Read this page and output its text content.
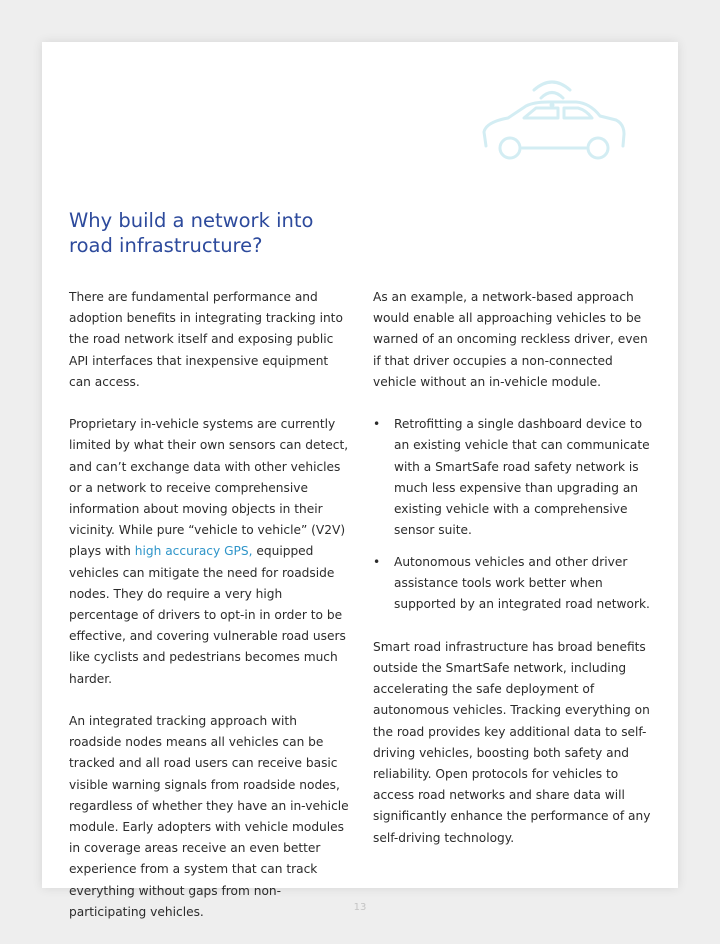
Why build a network into road infrastructure?

There are fundamental performance and adoption benefits in integrating tracking into the road network itself and exposing public API interfaces that inexpensive equipment can access.

Proprietary in-vehicle systems are currently limited by what their own sensors can detect, and can’t exchange data with other vehicles or a network to receive comprehensive information about moving objects in their vicinity. While pure “vehicle to vehicle” (V2V) plays with high accuracy GPS, equipped vehicles can mitigate the need for roadside nodes. They do require a very high percentage of drivers to opt-in in order to be effective, and covering vulnerable road users like cyclists and pedestrians becomes much harder.

An integrated tracking approach with roadside nodes means all vehicles can be tracked and all road users can receive basic visible warning signals from roadside nodes, regardless of whether they have an in-vehicle module. Early adopters with vehicle modules in coverage areas receive an even better experience from a system that can track everything without gaps from non-participating vehicles.

As an example, a network-based approach would enable all approaching vehicles to be warned of an oncoming reckless driver, even if that driver occupies a non-connected vehicle without an in-vehicle module.

• Retrofitting a single dashboard device to an existing vehicle that can communicate with a SmartSafe road safety network is much less expensive than upgrading an existing vehicle with a comprehensive sensor suite.
• Autonomous vehicles and other driver assistance tools work better when supported by an integrated road network.

Smart road infrastructure has broad benefits outside the SmartSafe network, including accelerating the safe deployment of autonomous vehicles. Tracking everything on the road provides key additional data to self-driving vehicles, boosting both safety and reliability. Open protocols for vehicles to access road networks and share data will significantly enhance the performance of any self-driving technology.

13
